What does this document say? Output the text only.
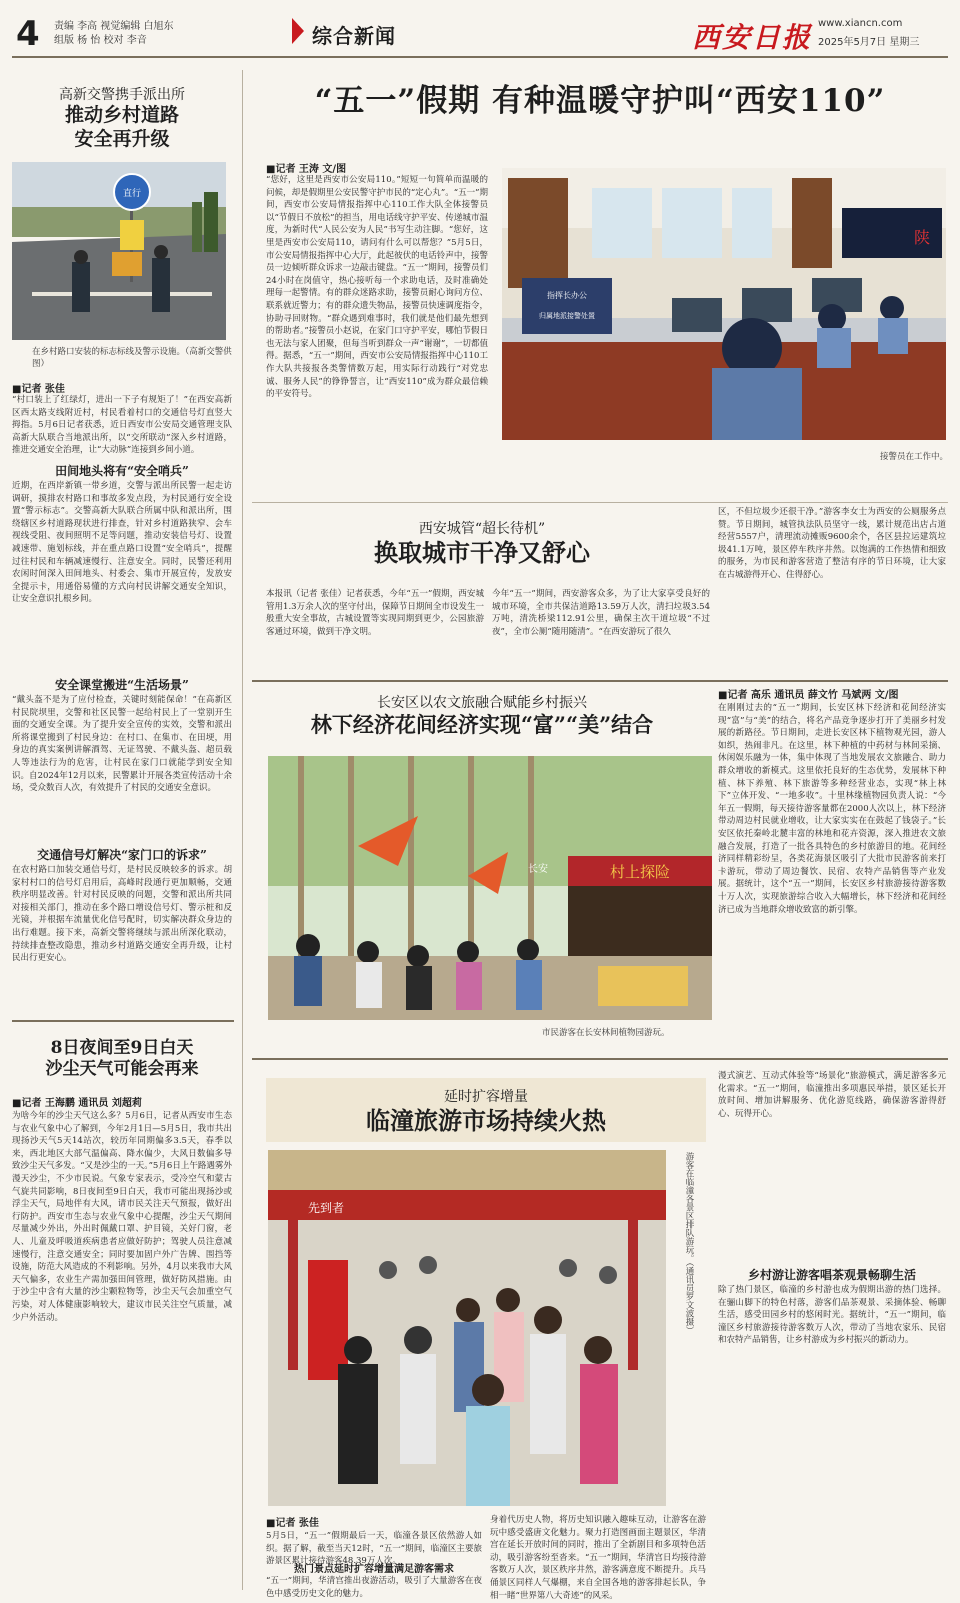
4	责编 李高 视觉编辑 白旭东
组版 杨 怡 校对 李音	综合新闻	西安日报 www.xiancn.com
2025年5月7日 星期三
高新交警携手派出所
推动乡村道路
安全再升级
直行
在乡村路口安装的标志标线及警示设施。（高新交警供图）
■记者 张佳
“村口装上了红绿灯，进出一下子有规矩了！”在西安高新区西太路支线附近村，村民看着村口的交通信号灯直竖大拇指。5月6日记者获悉，近日西安市公安局交通管理支队高新大队联合当地派出所，以“交所联动”深入乡村道路，推进交通安全治理，让“大动脉”连接到乡间小道。
田间地头将有“安全哨兵”
近期，在西岸新镇一带乡道，交警与派出所民警一起走访调研，摸排农村路口和事故多发点段，为村民通行安全设置“警示标志”。交警高新大队联合所属中队和派出所，围绕辖区乡村道路现状进行排查，针对乡村道路狭窄、会车视线受阻、夜间照明不足等问题，推动安装信号灯、设置减速带、施划标线，并在重点路口设置“安全哨兵”，提醒过往村民和车辆减速慢行、注意安全。同时，民警还利用农闲时间深入田间地头、村委会、集市开展宣传，发放安全提示卡，用通俗易懂的方式向村民讲解交通安全知识，让安全意识扎根乡间。
安全课堂搬进“生活场景”
“戴头盔不是为了应付检查，关键时刻能保命！”在高新区村民院坝里，交警和社区民警一起给村民上了一堂别开生面的交通安全课。为了提升安全宣传的实效，交警和派出所将课堂搬到了村民身边：在村口、在集市、在田埂，用身边的真实案例讲解酒驾、无证驾驶、不戴头盔、超员载人等违法行为的危害，让村民在家门口就能学到安全知识。自2024年12月以来，民警累计开展各类宣传活动十余场，受众数百人次，有效提升了村民的交通安全意识。
交通信号灯解决“家门口的诉求”
在农村路口加装交通信号灯，是村民反映较多的诉求。胡家村村口的信号灯启用后，高峰时段通行更加顺畅，交通秩序明显改善。针对村民反映的问题，交警和派出所共同对接相关部门，推动在多个路口增设信号灯、警示桩和反光镜，并根据车流量优化信号配时，切实解决群众身边的出行难题。接下来，高新交警将继续与派出所深化联动，持续排查整改隐患，推动乡村道路交通安全再升级，让村民出行更安心。
8日夜间至9日白天
沙尘天气可能会再来
■记者 王海鹏 通讯员 刘超莉
为啥今年的沙尘天气这么多？5月6日，记者从西安市生态与农业气象中心了解到，今年2月1日—5月5日，我市共出现扬沙天气5天14站次，较历年同期偏多3.5天，春季以来，西北地区大部气温偏高、降水偏少，大风日数偏多导致沙尘天气多发。“又是沙尘的一天。”5月6日上午路遇雾外漫天沙尘，不少市民说。气象专家表示，受冷空气和蒙古气旋共同影响，8日夜间至9日白天，我市可能出现扬沙或浮尘天气，局地伴有大风，请市民关注天气预报，做好出行防护。西安市生态与农业气象中心提醒，沙尘天气期间尽量减少外出，外出时佩戴口罩、护目镜，关好门窗，老人、儿童及呼吸道疾病患者应做好防护；驾驶人员注意减速慢行，注意交通安全；同时要加固户外广告牌、围挡等设施，防范大风造成的不利影响。另外，4月以来我市大风天气偏多，农业生产需加强田间管理，做好防风措施。由于沙尘中含有大量的沙尘颗粒物等，沙尘天气会加重空气污染，对人体健康影响较大，建议市民关注空气质量，减少户外活动。
“五一”假期 有种温暖守护叫“西安110”
■记者 王涛 文/图
“您好，这里是西安市公安局110。”短短一句简单而温暖的问候，却是假期里公安民警守护市民的“定心丸”。“五一”期间，西安市公安局情报指挥中心110工作大队全体接警员以“节假日不放松”的担当，用电话线守护平安、传递城市温度，为新时代“人民公安为人民”书写生动注脚。“您好，这里是西安市公安局110，请问有什么可以帮您？”5月5日，市公安局情报指挥中心大厅，此起彼伏的电话铃声中，接警员一边倾听群众诉求一边敲击键盘。“五一”期间，接警员们24小时在岗值守，热心接听每一个求助电话，及时准确处理每一起警情。有的群众迷路求助，接警员耐心询问方位、联系就近警力；有的群众遗失物品，接警员快速调度指令，协助寻回财物。“群众遇到难事时，我们就是他们最先想到的帮助者。”接警员小赵说，在家门口守护平安，哪怕节假日也无法与家人团聚，但每当听到群众一声“谢谢”，一切都值得。据悉，“五一”期间，西安市公安局情报指挥中心110工作大队共接报各类警情数万起，用实际行动践行“对党忠诚、服务人民”的铮铮誓言，让“西安110”成为群众最信赖的平安符号。
陕
指挥长办公
归属地派接警处置
接警员在工作中。
西安城管“超长待机”
换取城市干净又舒心
本报讯（记者 张佳）记者获悉，今年“五一”假期，西安城管用1.3万余人次的坚守付出，保障节日期间全市设发生一般重大安全事故，古城设置等实现同期到更少，公园旅游客通过环境，做到干净文明。
今年“五一”期间，西安游客众多，为了让大家享受良好的城市环境，全市共保洁道路13.59万人次，清扫垃圾3.54万吨，清洗桥梁112.91公里，确保主次干道垃圾“不过夜”，全市公厕“随用随清”。“在西安游玩了很久
区，不但垃圾少还很干净。”游客李女士为西安的公厕服务点赞。节日期间，城管执法队员坚守一线，累计规范出店占道经营5557户，清理流动摊贩9600余个，各区县拉运建筑垃圾41.1万吨，景区停车秩序井然。以饱满的工作热情和细致的服务，为市民和游客营造了整洁有序的节日环境，让大家在古城游得开心、住得舒心。
长安区以农文旅融合赋能乡村振兴
林下经济花间经济实现“富”“美”结合
村上探险
长安
市民游客在长安林间植物园游玩。
■记者 高乐 通讯员 薛文竹 马斌两 文/图
在刚刚过去的“五一”期间，长安区林下经济和花间经济实现“富”与“美”的结合，将名产品竞争逐步打开了美丽乡村发展的新路径。节日期间，走进长安区林下植物观光园，游人如织，热闹非凡。在这里，林下种植的中药材与林间采摘、休闲娱乐融为一体，集中体现了当地发展农文旅融合、助力群众增收的新模式。这里依托良好的生态优势，发展林下种植、林下养殖、林下旅游等多种经营业态，实现“林上林下”立体开发、“一地多收”。十里林缘植物园负责人说：“今年五一假期，每天接待游客量都在2000人次以上，林下经济带动周边村民就业增收，让大家实实在在鼓起了钱袋子。”长安区依托秦岭北麓丰富的林地和花卉资源，深入推进农文旅融合发展，打造了一批各具特色的乡村旅游目的地。花间经济同样精彩纷呈，各类花海景区吸引了大批市民游客前来打卡游玩，带动了周边餐饮、民宿、农特产品销售等产业发展。据统计，这个“五一”期间，长安区乡村旅游接待游客数十万人次，实现旅游综合收入大幅增长，林下经济和花间经济已成为当地群众增收致富的新引擎。
延时扩容增量
临潼旅游市场持续火热
先到者	游客在临潼各景区排队游玩。（通讯员罗文波摄）
■记者 张佳
5月5日，“五一”假期最后一天，临潼各景区依然游人如织。据了解，截至当天12时，“五一”期间，临潼区主要旅游景区累计接待游客48.39万人次。
热门景点延时扩容增量满足游客需求
“五一”期间，华清宫推出夜游活动，吸引了大量游客在夜色中感受历史文化的魅力。
身着代历史人物，将历史知识融入趣味互动，让游客在游玩中感受盛唐文化魅力。聚力打造图画面主题景区，华清宫在延长开放时间的同时，推出了全新剧目和多项特色活动，吸引游客纷至沓来。“五一”期间，华清宫日均接待游客数万人次，景区秩序井然，游客满意度不断提升。兵马俑景区同样人气爆棚，来自全国各地的游客排起长队，争相一睹“世界第八大奇迹”的风采。
漫式演艺、互动式体验等“场景化”旅游模式，满足游客多元化需求。“五一”期间，临潼推出多项惠民举措，景区延长开放时间、增加讲解服务、优化游览线路，确保游客游得舒心、玩得开心。
乡村游让游客唱茶观景畅聊生活
除了热门景区，临潼的乡村游也成为假期出游的热门选择。在骊山脚下的特色村落，游客们品茶观景、采摘体验、畅聊生活，感受田园乡村的悠闲时光。据统计，“五一”期间，临潼区乡村旅游接待游客数万人次，带动了当地农家乐、民宿和农特产品销售，让乡村游成为乡村振兴的新动力。
